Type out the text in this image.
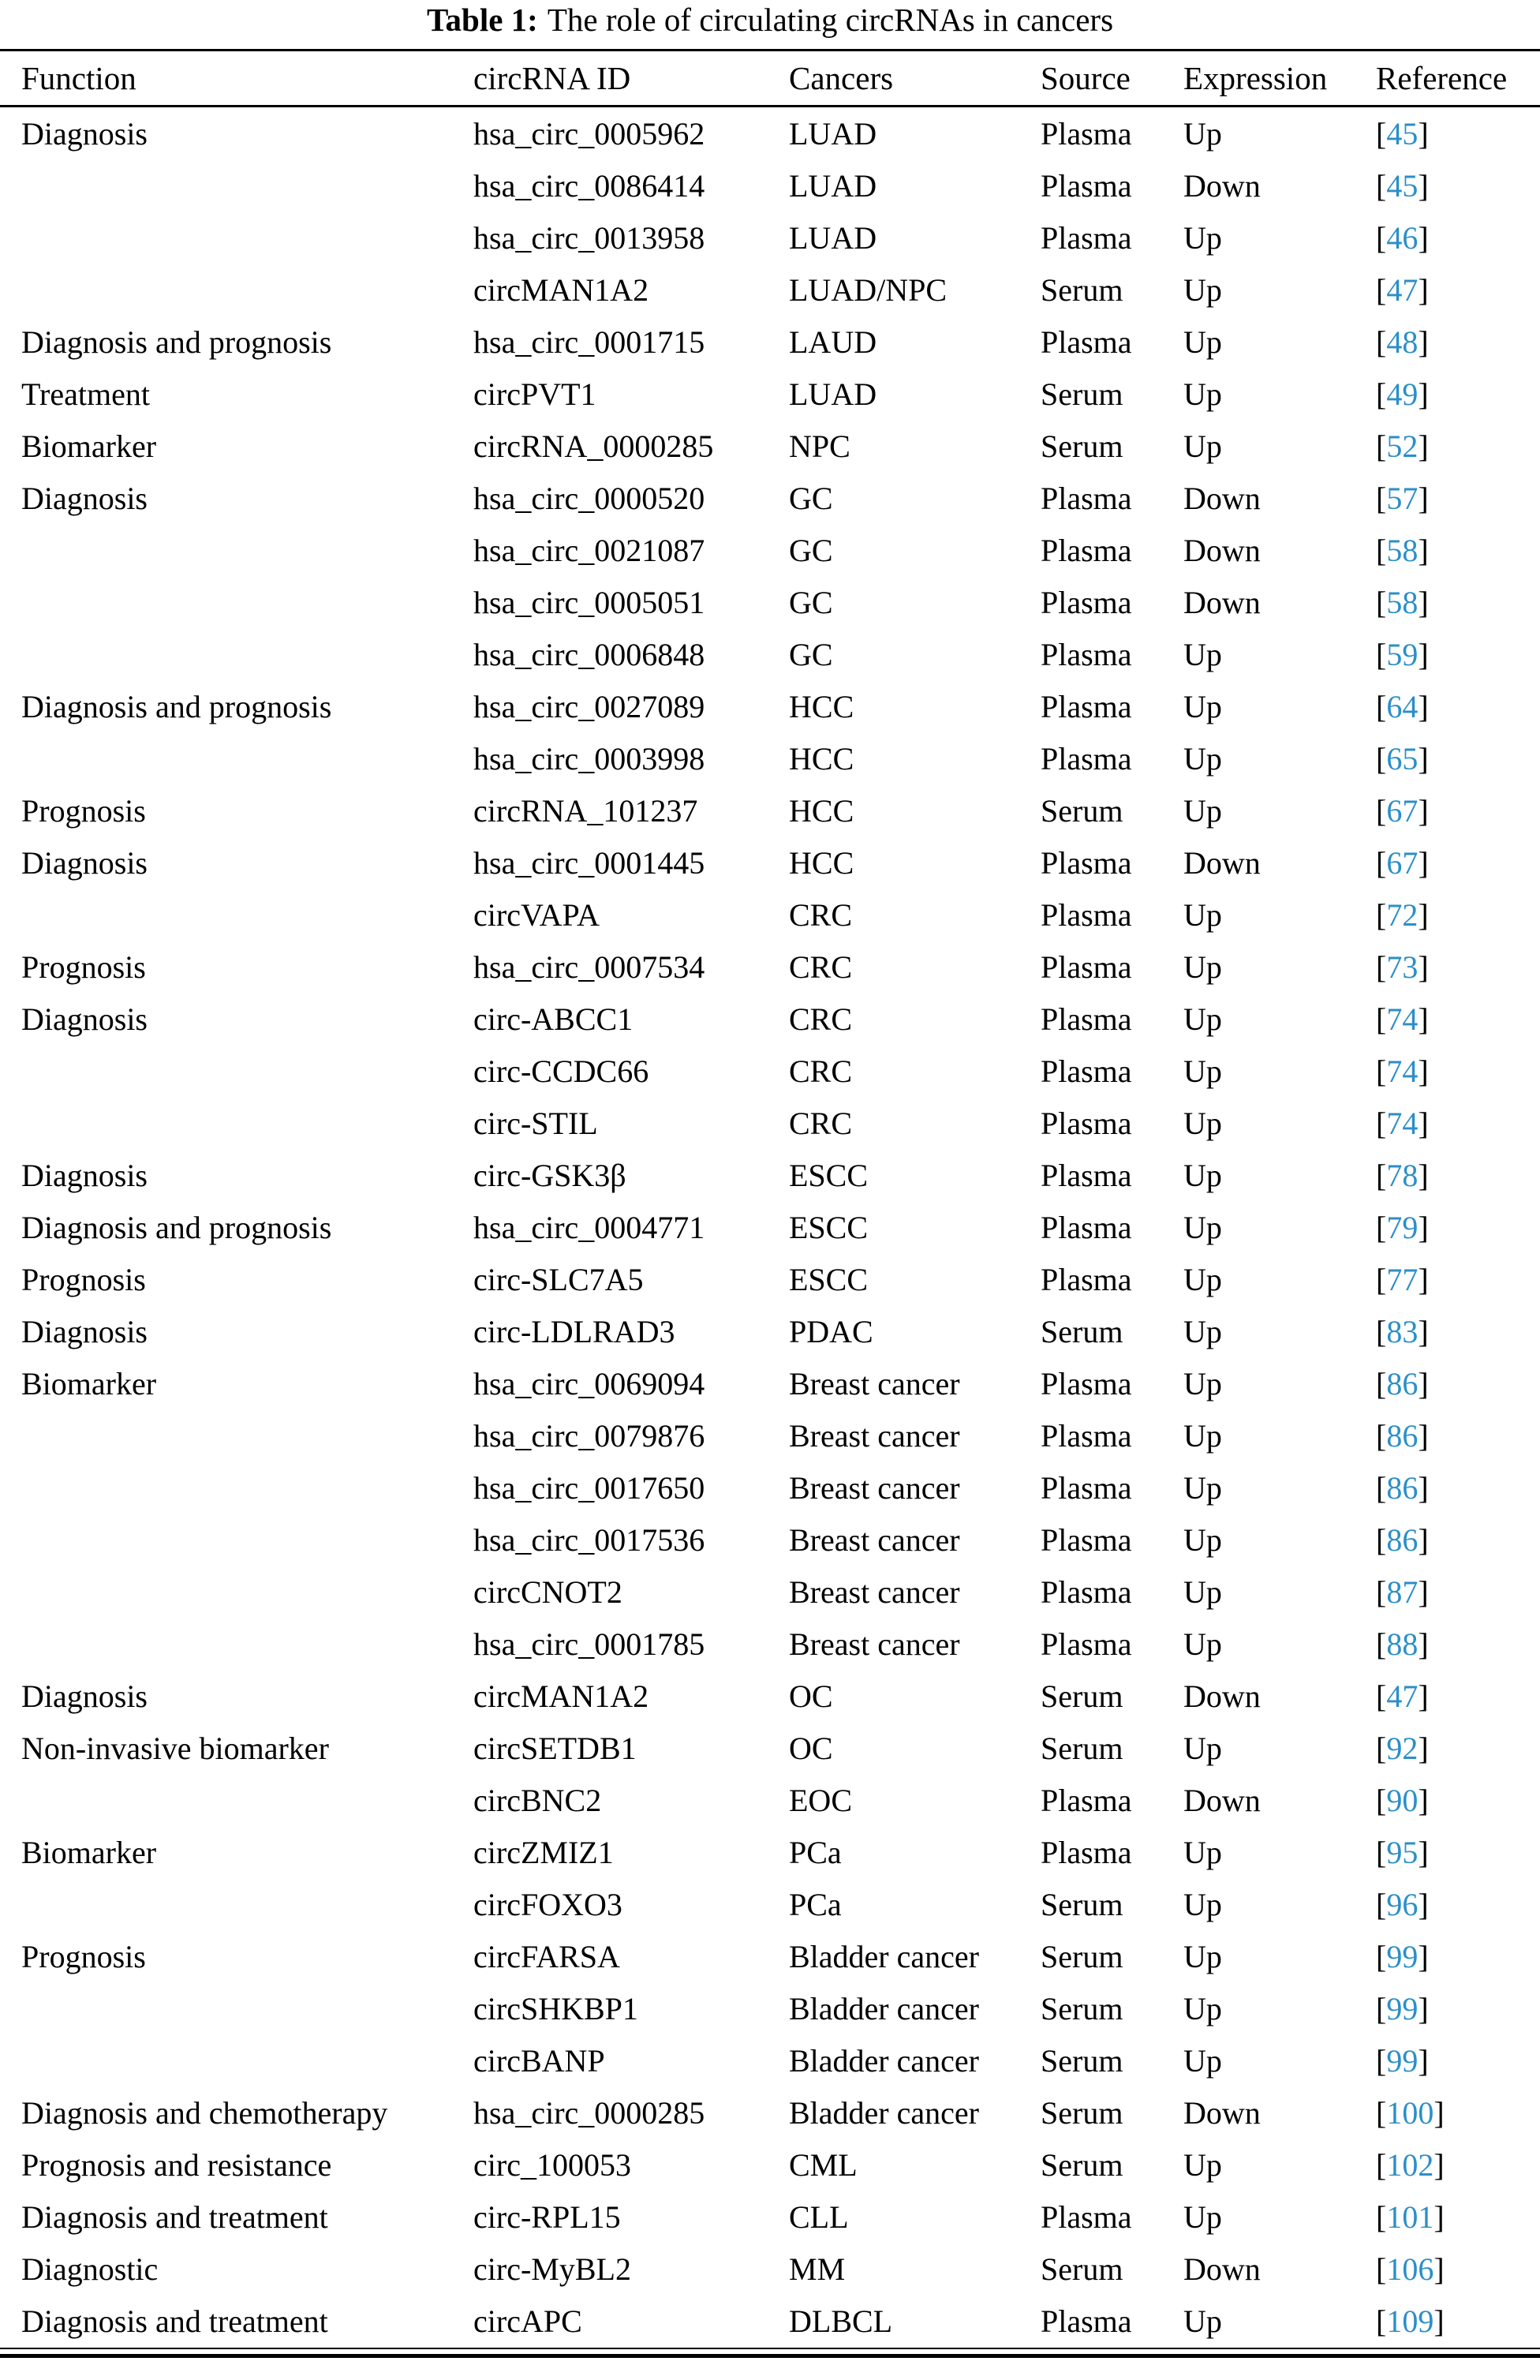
Table 1: The role of circulating circRNAs in cancers
Function	circRNA ID	Cancers	Source	Expression	Reference
Diagnosis	hsa_circ_0005962	LUAD	Plasma	Up	[45]
	hsa_circ_0086414	LUAD	Plasma	Down	[45]
	hsa_circ_0013958	LUAD	Plasma	Up	[46]
	circMAN1A2	LUAD/NPC	Serum	Up	[47]
Diagnosis and prognosis	hsa_circ_0001715	LAUD	Plasma	Up	[48]
Treatment	circPVT1	LUAD	Serum	Up	[49]
Biomarker	circRNA_0000285	NPC	Serum	Up	[52]
Diagnosis	hsa_circ_0000520	GC	Plasma	Down	[57]
	hsa_circ_0021087	GC	Plasma	Down	[58]
	hsa_circ_0005051	GC	Plasma	Down	[58]
	hsa_circ_0006848	GC	Plasma	Up	[59]
Diagnosis and prognosis	hsa_circ_0027089	HCC	Plasma	Up	[64]
	hsa_circ_0003998	HCC	Plasma	Up	[65]
Prognosis	circRNA_101237	HCC	Serum	Up	[67]
Diagnosis	hsa_circ_0001445	HCC	Plasma	Down	[67]
	circVAPA	CRC	Plasma	Up	[72]
Prognosis	hsa_circ_0007534	CRC	Plasma	Up	[73]
Diagnosis	circ-ABCC1	CRC	Plasma	Up	[74]
	circ-CCDC66	CRC	Plasma	Up	[74]
	circ-STIL	CRC	Plasma	Up	[74]
Diagnosis	circ-GSK3β	ESCC	Plasma	Up	[78]
Diagnosis and prognosis	hsa_circ_0004771	ESCC	Plasma	Up	[79]
Prognosis	circ-SLC7A5	ESCC	Plasma	Up	[77]
Diagnosis	circ-LDLRAD3	PDAC	Serum	Up	[83]
Biomarker	hsa_circ_0069094	Breast cancer	Plasma	Up	[86]
	hsa_circ_0079876	Breast cancer	Plasma	Up	[86]
	hsa_circ_0017650	Breast cancer	Plasma	Up	[86]
	hsa_circ_0017536	Breast cancer	Plasma	Up	[86]
	circCNOT2	Breast cancer	Plasma	Up	[87]
	hsa_circ_0001785	Breast cancer	Plasma	Up	[88]
Diagnosis	circMAN1A2	OC	Serum	Down	[47]
Non-invasive biomarker	circSETDB1	OC	Serum	Up	[92]
	circBNC2	EOC	Plasma	Down	[90]
Biomarker	circZMIZ1	PCa	Plasma	Up	[95]
	circFOXO3	PCa	Serum	Up	[96]
Prognosis	circFARSA	Bladder cancer	Serum	Up	[99]
	circSHKBP1	Bladder cancer	Serum	Up	[99]
	circBANP	Bladder cancer	Serum	Up	[99]
Diagnosis and chemotherapy	hsa_circ_0000285	Bladder cancer	Serum	Down	[100]
Prognosis and resistance	circ_100053	CML	Serum	Up	[102]
Diagnosis and treatment	circ-RPL15	CLL	Plasma	Up	[101]
Diagnostic	circ-MyBL2	MM	Serum	Down	[106]
Diagnosis and treatment	circAPC	DLBCL	Plasma	Up	[109]
